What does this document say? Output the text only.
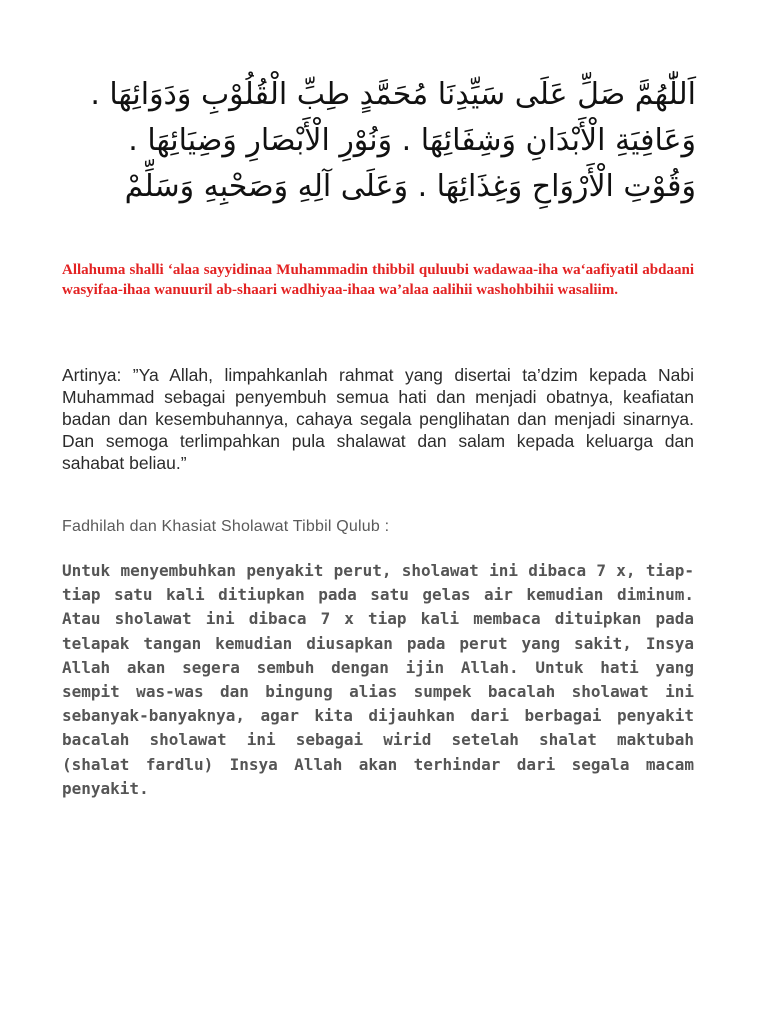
اَللّٰهُمَّ صَلِّ عَلَى سَيِّدِنَا مُحَمَّدٍ طِبِّ الْقُلُوْبِ وَدَوَائِهَا .
وَعَافِيَةِ الْأَبْدَانِ وَشِفَائِهَا . وَنُوْرِ الْأَبْصَارِ وَضِيَائِهَا .
وَقُوْتِ الْأَرْوَاحِ وَغِذَائِهَا . وَعَلَى آلِهِ وَصَحْبِهِ وَسَلِّمْ

Allahuma shalli ‘alaa sayyidinaa Muhammadin thibbil quluubi wadawaa-iha wa‘aafiyatil abdaani wasyifaa-ihaa wanuuril ab-shaari wadhiyaa-ihaa wa’alaa aalihii washohbihii wasaliim.

Artinya: ”Ya Allah, limpahkanlah rahmat yang disertai ta’dzim kepada Nabi Muhammad sebagai penyembuh semua hati dan menjadi obatnya, keafiatan badan dan kesembuhannya, cahaya segala penglihatan dan menjadi sinarnya. Dan semoga terlimpahkan pula shalawat dan salam kepada keluarga dan sahabat beliau.”

Fadhilah dan Khasiat Sholawat Tibbil Qulub :

Untuk menyembuhkan penyakit perut, sholawat ini dibaca 7 x, tiap-tiap satu kali ditiupkan pada satu gelas air kemudian diminum. Atau sholawat ini dibaca 7 x tiap kali membaca dituipkan pada telapak tangan kemudian diusapkan pada perut yang sakit, Insya Allah akan segera sembuh dengan ijin Allah. Untuk hati yang sempit was-was dan bingung alias sumpek bacalah sholawat ini sebanyak-banyaknya, agar kita dijauhkan dari berbagai penyakit bacalah sholawat ini sebagai wirid setelah shalat maktubah (shalat fardlu) Insya Allah akan terhindar dari segala macam penyakit.
